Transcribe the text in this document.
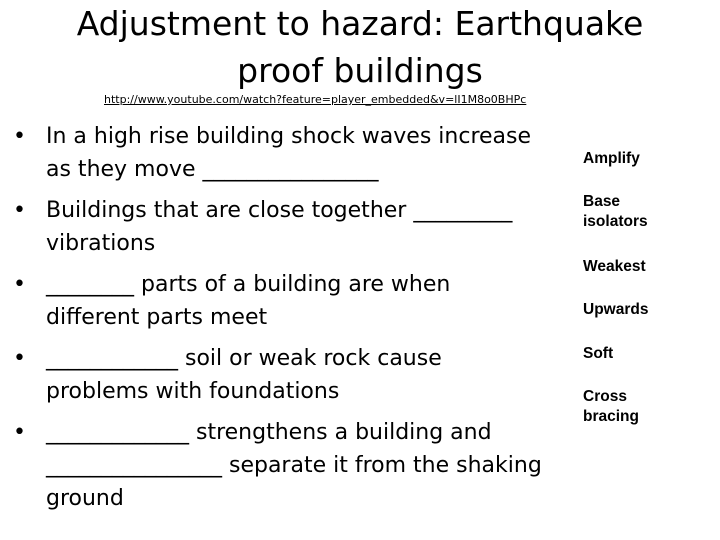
Adjustment to hazard: Earthquake
proof buildings
http://www.youtube.com/watch?feature=player_embedded&v=lI1M8o0BHPc
• In a high rise building shock waves increase as they move ________________
• Buildings that are close together _________ vibrations
• ________ parts of a building are when different parts meet
• ____________ soil or weak rock cause problems with foundations
• _____________ strengthens a building and ________________ separate it from the shaking ground
Amplify
Base
isolators
Weakest
Upwards
Soft
Cross
bracing
